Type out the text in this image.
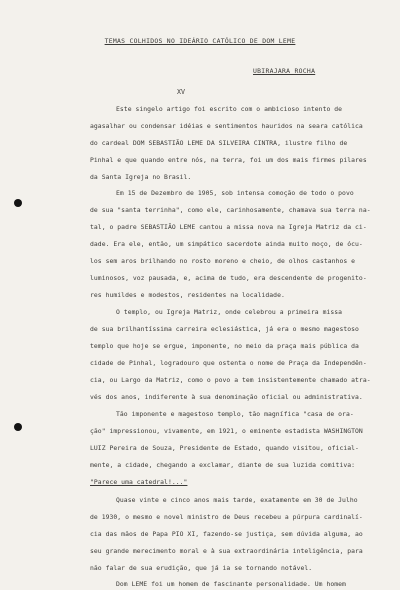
TEMAS COLHIDOS NO IDEÁRIO CATÓLICO DE DOM LEME
UBIRAJARA ROCHA
XV
Este singelo artigo foi escrito com o ambicioso intento de
agasalhar ou condensar idéias e sentimentos hauridos na seara católica
do cardeal DOM SEBASTIÃO LEME DA SILVEIRA CINTRA, ilustre filho de
Pinhal e que quando entre nós, na terra, foi um dos mais firmes pilares
da Santa Igreja no Brasil.
Em 15 de Dezembro de 1905, sob intensa comoção de todo o povo
de sua "santa terrinha", como ele, carinhosamente, chamava sua terra na-
tal, o padre SEBASTIÃO LEME cantou a missa nova na Igreja Matriz da ci-
dade. Era ele, então, um simpático sacerdote ainda muito moço, de ócu-
los sem aros brilhando no rosto moreno e cheio, de olhos castanhos e
luminosos, voz pausada, e, acima de tudo, era descendente de progenito-
res humildes e modestos, residentes na localidade.
O templo, ou Igreja Matriz, onde celebrou a primeira missa
de sua brilhantíssima carreira eclesiástica, já era o mesmo magestoso
templo que hoje se ergue, imponente, no meio da praça mais pública da
cidade de Pinhal, logradouro que ostenta o nome de Praça da Independên-
cia, ou Largo da Matriz, como o povo a tem insistentemente chamado atra-
vés dos anos, indiferente à sua denominação oficial ou administrativa.
Tão imponente e magestoso templo, tão magnífica "casa de ora-
ção" impressionou, vivamente, em 1921, o eminente estadista WASHINGTON
LUIZ Pereira de Souza, Presidente de Estado, quando visitou, oficial-
mente, a cidade, chegando a exclamar, diante de sua luzida comitiva:
"Parece uma catedral!..."
Quase vinte e cinco anos mais tarde, exatamente em 30 de Julho
de 1930, o mesmo e novel ministro de Deus recebeu a púrpura cardinalí-
cia das mãos de Papa PIO XI, fazendo-se justiça, sem dúvida alguma, ao
seu grande merecimento moral e à sua extraordinária inteligência, para
não falar de sua erudição, que já ia se tornando notável.
Dom LEME foi um homem de fascinante personalidade. Um homem
